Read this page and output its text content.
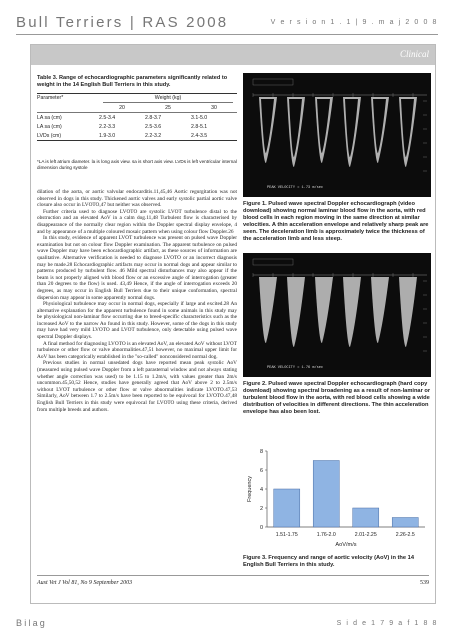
Bull Terriers | RAS 2008	V e r s i o n 1 . 1 | 9 . m a j 2 0 0 8
Clinical
Table 3. Range of echocardiographic parameters significantly related to weight in the 14 English Bull Terriers in this study.
Parameter*	Weight (kg)
20	25	30
LA sa (cm)	2.5-3.4	2.8-3.7	3.1-5.0
LA sa (cm)	2.2-3.3	2.5-3.6	2.8-5.1
LVDs (cm)	1.9-3.0	2.2-3.2	2.4-3.5
*LA is left atrium diameter. la is long axis view. sa is short axis view. LVDs is left ventricular internal dimension during systole
PEAK VELOCITY = 1.73 m/sec
Figure 1. Pulsed wave spectral Doppler echocardiograph (video download) showing normal laminar blood flow in the aorta, with red blood cells in each region moving in the same direction at similar velocities. A thin acceleration envelope and relatively sharp peak are seen. The deceleration limb is approximately twice the thickness of the acceleration limb and less steep.
PEAK VELOCITY = 1.76 m/sec
Figure 2. Pulsed wave spectral Doppler echocardiograph (hard copy download) showing spectral broadening as a result of non-laminar or turbulent blood flow in the aorta, with red blood cells showing a wide distribution of velocities in different directions. The thin acceleration envelope has also been lost.

dilation of the aorta, or aortic valvular endocarditis.11,45,46 Aortic regurgitation was not observed in dogs in this study. Thickened aortic valves and early systolic partial aortic valve closure also occur in LVOTO,47 but neither was observed.

Further criteria used to diagnose LVOTO are systolic LVOT turbulence distal to the obstruction and an elevated AoV in a calm dog.11,48 Turbulent flow is characterised by disappearance of the normally clear region within the Doppler spectral display envelope, 4 and by appearance of a multiple coloured mosaic pattern when using colour flow Doppler.26

In this study, evidence of apparent LVOT turbulence was present on pulsed wave Doppler examination but not on colour flow Doppler examination. The apparent turbulence on pulsed wave Doppler may have been echocardiographic artifact, as these sources of information are qualitative. Alternative verification is needed to diagnose LVOTO or an incorrect diagnosis may be made.28 Echocardiographic artifacts may occur in normal dogs and appear similar to patterns produced by turbulent flow. 46 Mild spectral disturbances may also appear if the beam is not properly aligned with blood flow or an excessive angle of interrogation (greater than 20 degrees to the flow) is used. 43,49 Hence, if the angle of interrogation exceeds 20 degrees, as may occur in English Bull Terriers due to their unique conformation, spectral dispersion may appear in some apparently normal dogs.

Physiological turbulence may occur in normal dogs, especially if large and excited.28 An alternative explanation for the apparent turbulence found in some animals in this study may be physiological non-laminar flow occurring due to breed-specific characteristics such as the increased AoV to the narrow Ao found in this study. However, some of the dogs in this study may have had very mild LVOTO and LVOT turbulence, only detectable using pulsed wave spectral Doppler displays.

A final method for diagnosing LVOTO is an elevated AoV, an elevated AoV without LVOT turbulence or other flow or valve abnormalities.47,51 however, no maximal upper limit for AoV has been categorically established in the "so-called" nonconsidered normal dog.

Previous studies in normal unsedated dogs have reported mean peak systolic AoV (measured using pulsed wave Doppler from a left parasternal window and not always stating whether angle correction was used) to be 1.15 to 1.2m/s, with values greater than 2m/s uncommon.45,50,52 Hence, studies have generally agreed that AoV above 2 to 2.5m/s without LVOT turbulence or other flow or valve abnormalities indicate LVOTO.47,53 Similarly, AoV between 1.7 to 2.5m/s have been reported to be equivocal for LVOTO.47,48 English Bull Terriers in this study were equivocal for LVOTO using these criteria, derived from multiple breeds and authors.

0
2
4
6
8
Frequency
1.51-1.75	1.76-2.0	2.01-2.25	2.26-2.5
AoV/m/s
Figure 3. Frequency and range of aortic velocity (AoV) in the 14 English Bull Terriers in this study.
Aust Vet J Vol 81, No 9 September 2003	539
Bilag	S i d e 1 7 9 a f 1 8 8
